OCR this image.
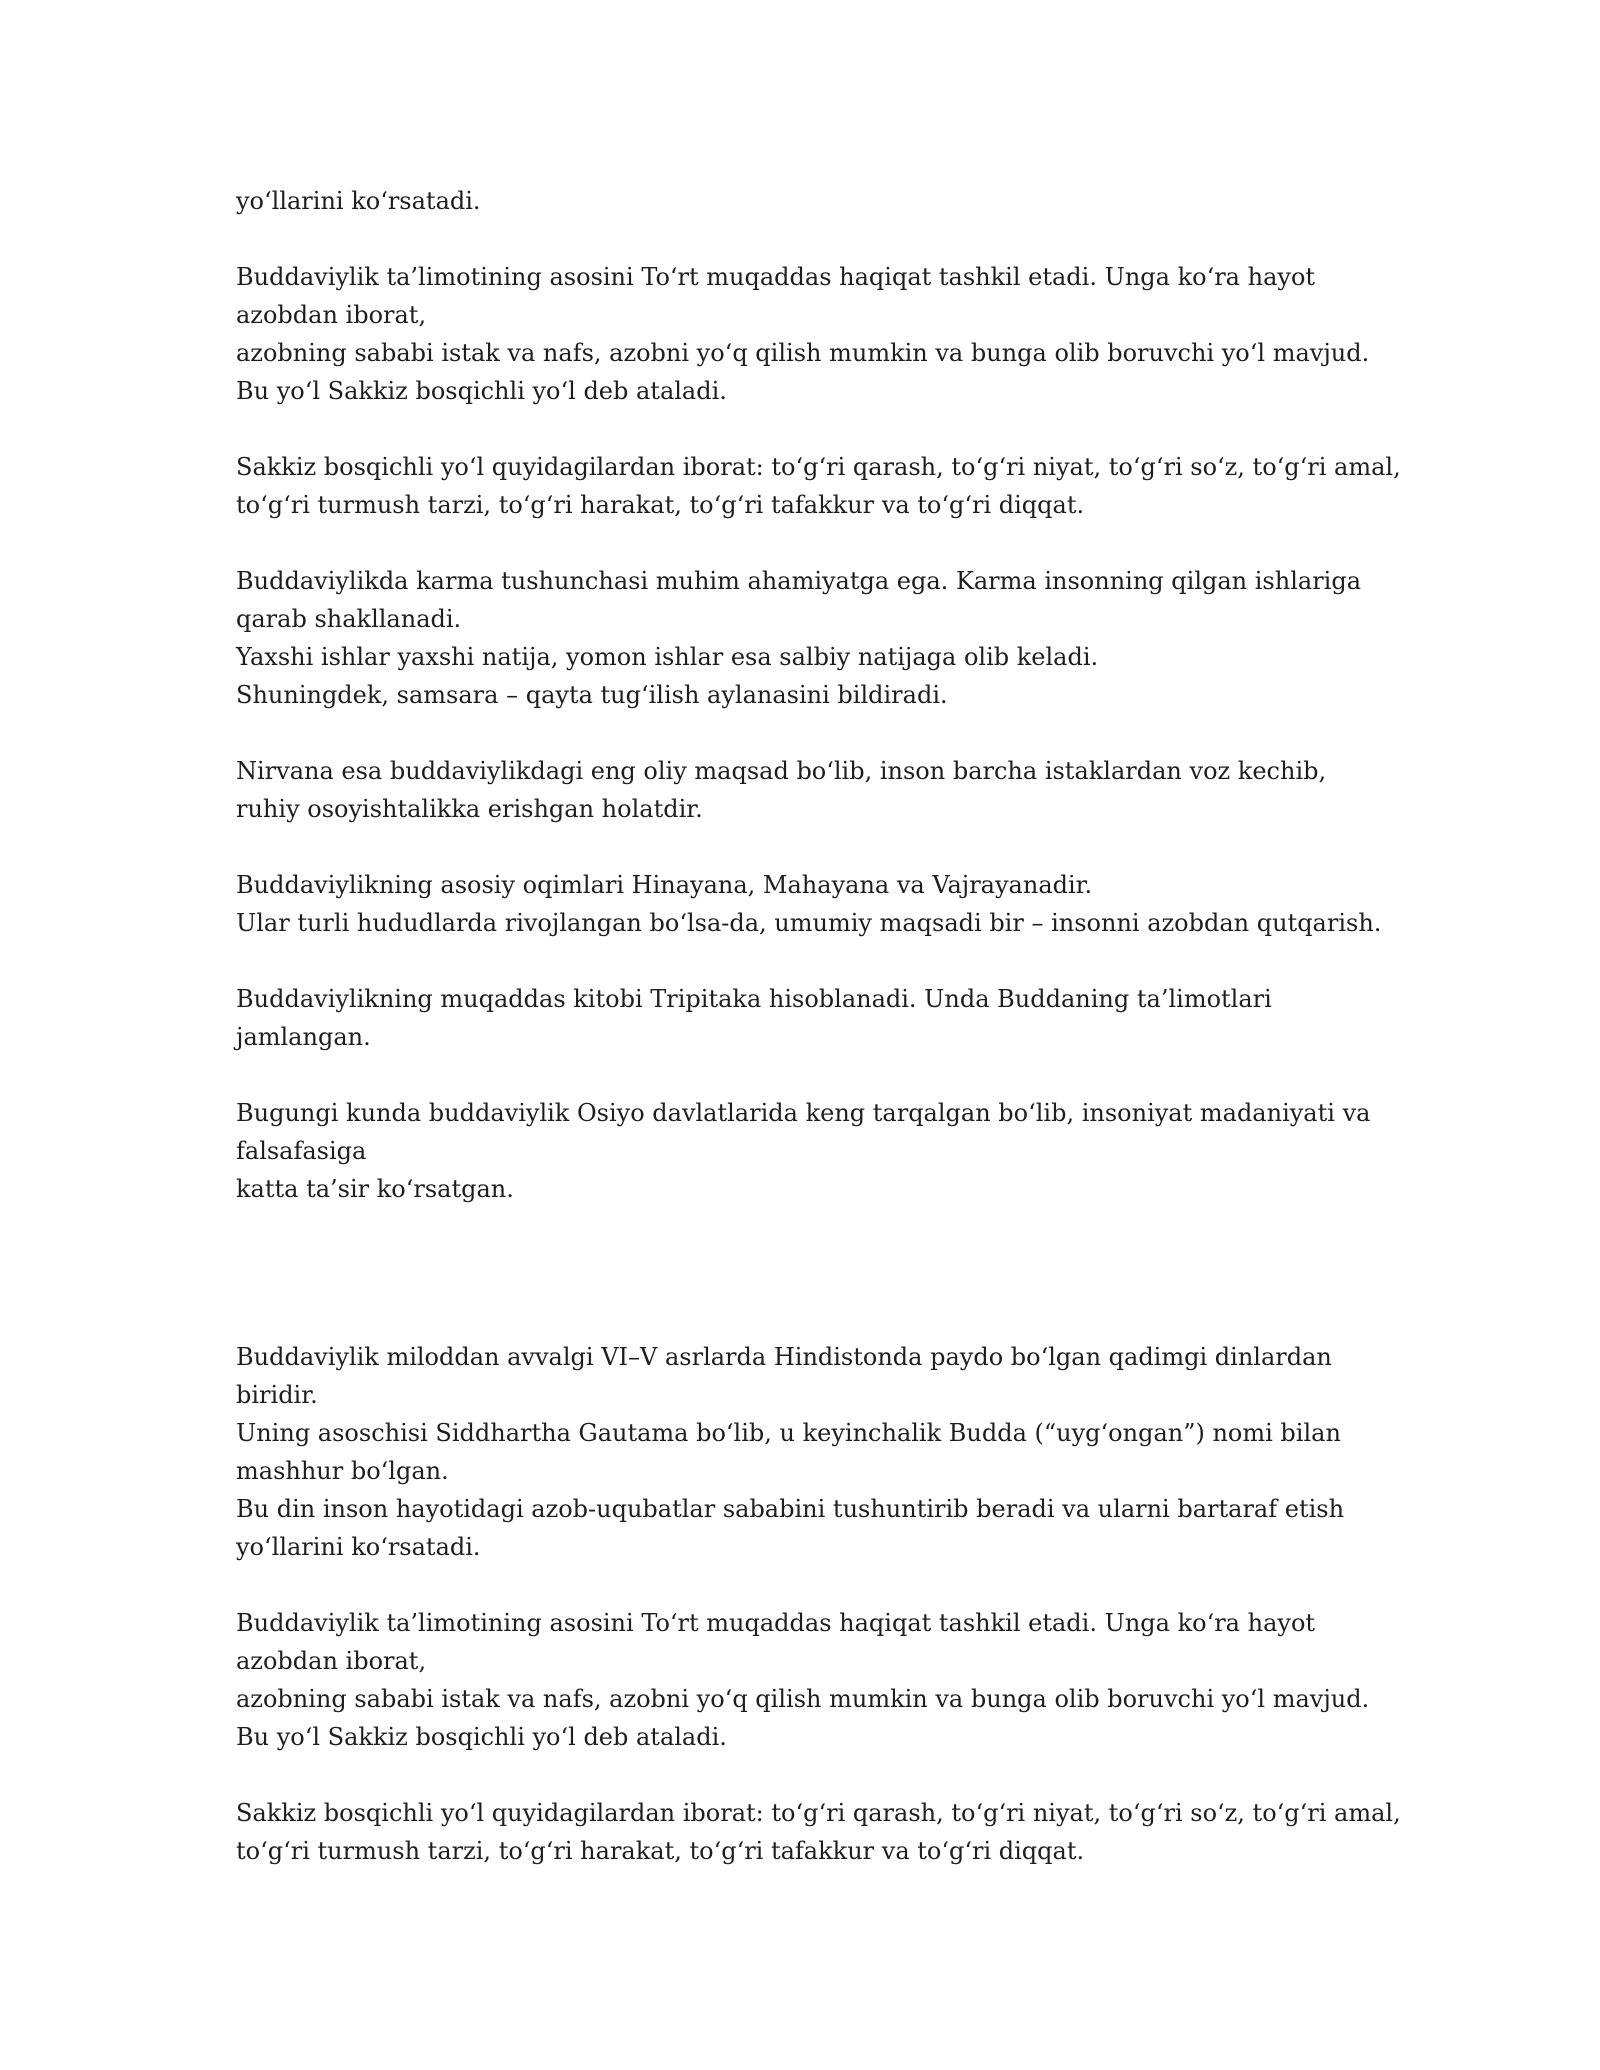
yo‘llarini ko‘rsatadi.
Buddaviylik ta’limotining asosini To‘rt muqaddas haqiqat tashkil etadi. Unga ko‘ra hayot
azobdan iborat,
azobning sababi istak va nafs, azobni yo‘q qilish mumkin va bunga olib boruvchi yo‘l mavjud.
Bu yo‘l Sakkiz bosqichli yo‘l deb ataladi.
Sakkiz bosqichli yo‘l quyidagilardan iborat: to‘g‘ri qarash, to‘g‘ri niyat, to‘g‘ri so‘z, to‘g‘ri amal,
to‘g‘ri turmush tarzi, to‘g‘ri harakat, to‘g‘ri tafakkur va to‘g‘ri diqqat.
Buddaviylikda karma tushunchasi muhim ahamiyatga ega. Karma insonning qilgan ishlariga
qarab shakllanadi.
Yaxshi ishlar yaxshi natija, yomon ishlar esa salbiy natijaga olib keladi.
Shuningdek, samsara – qayta tug‘ilish aylanasini bildiradi.
Nirvana esa buddaviylikdagi eng oliy maqsad bo‘lib, inson barcha istaklardan voz kechib,
ruhiy osoyishtalikka erishgan holatdir.
Buddaviylikning asosiy oqimlari Hinayana, Mahayana va Vajrayanadir.
Ular turli hududlarda rivojlangan bo‘lsa-da, umumiy maqsadi bir – insonni azobdan qutqarish.
Buddaviylikning muqaddas kitobi Tripitaka hisoblanadi. Unda Buddaning ta’limotlari
jamlangan.
Bugungi kunda buddaviylik Osiyo davlatlarida keng tarqalgan bo‘lib, insoniyat madaniyati va
falsafasiga
katta ta’sir ko‘rsatgan.
Buddaviylik miloddan avvalgi VI–V asrlarda Hindistonda paydo bo‘lgan qadimgi dinlardan
biridir.
Uning asoschisi Siddhartha Gautama bo‘lib, u keyinchalik Budda (“uyg‘ongan”) nomi bilan
mashhur bo‘lgan.
Bu din inson hayotidagi azob-uqubatlar sababini tushuntirib beradi va ularni bartaraf etish
yo‘llarini ko‘rsatadi.
Buddaviylik ta’limotining asosini To‘rt muqaddas haqiqat tashkil etadi. Unga ko‘ra hayot
azobdan iborat,
azobning sababi istak va nafs, azobni yo‘q qilish mumkin va bunga olib boruvchi yo‘l mavjud.
Bu yo‘l Sakkiz bosqichli yo‘l deb ataladi.
Sakkiz bosqichli yo‘l quyidagilardan iborat: to‘g‘ri qarash, to‘g‘ri niyat, to‘g‘ri so‘z, to‘g‘ri amal,
to‘g‘ri turmush tarzi, to‘g‘ri harakat, to‘g‘ri tafakkur va to‘g‘ri diqqat.
